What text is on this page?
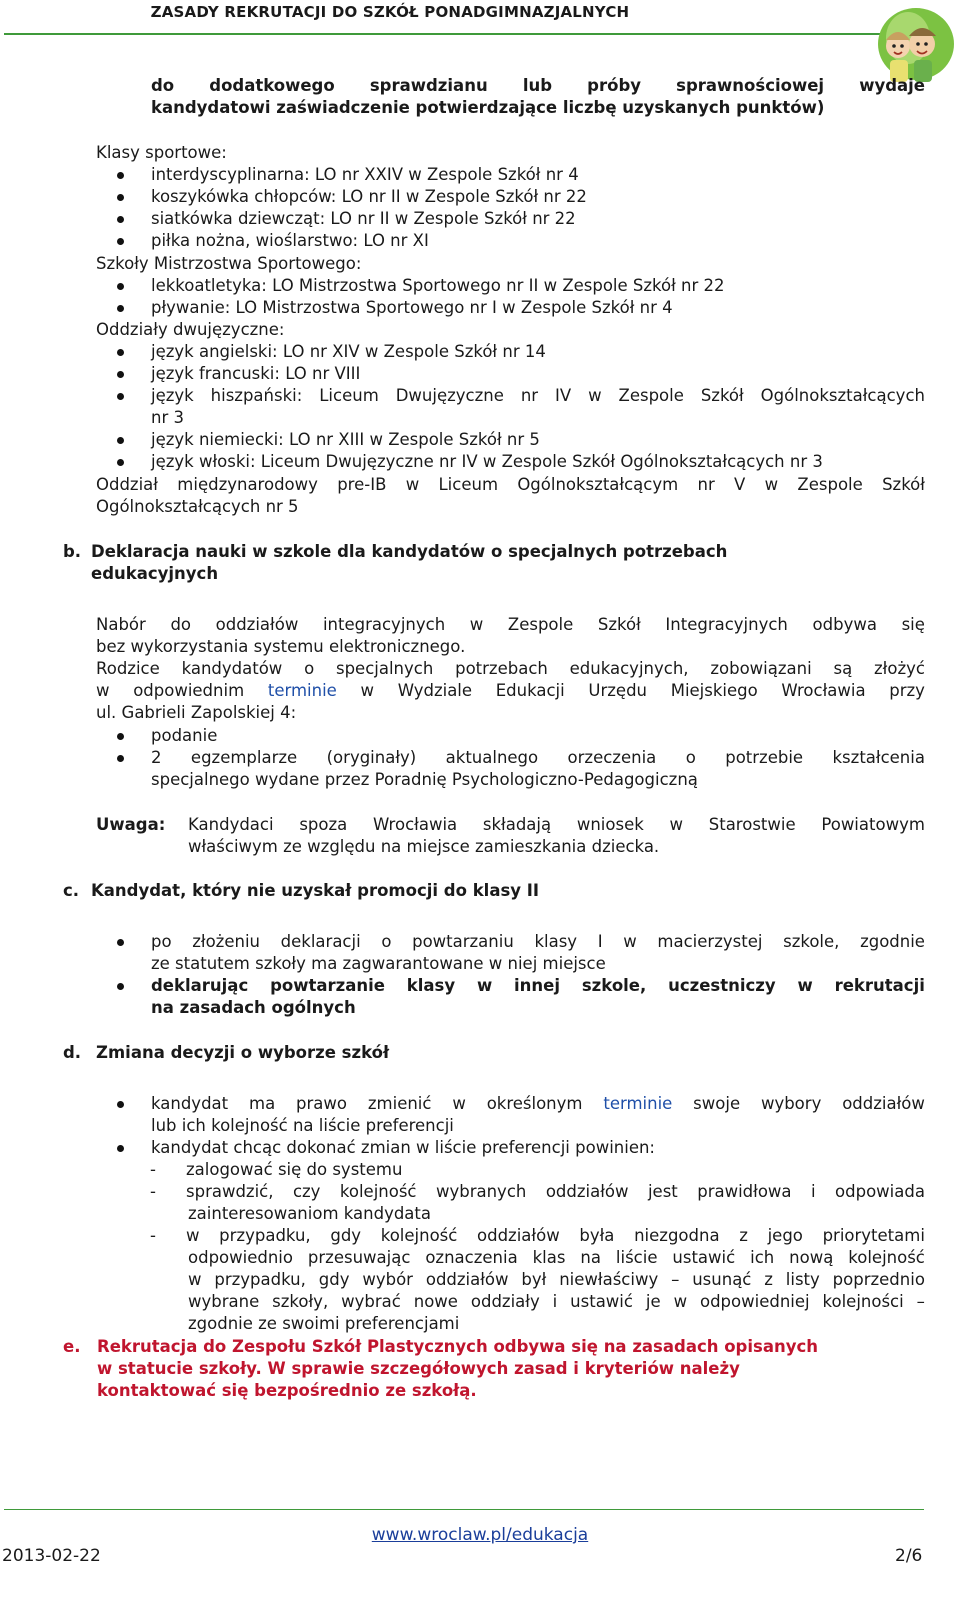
ZASADY REKRUTACJI DO SZKÓŁ PONADGIMNAZJALNYCH
do dodatkowego sprawdzianu lub próby sprawnościowej wydaje
kandydatowi zaświadczenie potwierdzające liczbę uzyskanych punktów)
Klasy sportowe:
interdyscyplinarna: LO nr XXIV w Zespole Szkół nr 4
koszykówka chłopców: LO nr II w Zespole Szkół nr 22
siatkówka dziewcząt: LO nr II w Zespole Szkół nr 22
piłka nożna, wioślarstwo: LO nr XI
Szkoły Mistrzostwa Sportowego:
lekkoatletyka: LO Mistrzostwa Sportowego nr II w Zespole Szkół nr 22
pływanie: LO Mistrzostwa Sportowego nr I w Zespole Szkół nr 4
Oddziały dwujęzyczne:
język angielski: LO nr XIV w Zespole Szkół nr 14
język francuski: LO nr VIII
język hiszpański: Liceum Dwujęzyczne nr IV w Zespole Szkół Ogólnokształcących
nr 3
język niemiecki: LO nr XIII w Zespole Szkół nr 5
język włoski: Liceum Dwujęzyczne nr IV w Zespole Szkół Ogólnokształcących nr 3
Oddział międzynarodowy pre-IB w Liceum Ogólnokształcącym nr V w Zespole Szkół
Ogólnokształcących nr 5
b. Deklaracja nauki w szkole dla kandydatów o specjalnych potrzebach
edukacyjnych
Nabór do oddziałów integracyjnych w Zespole Szkół Integracyjnych odbywa się
bez wykorzystania systemu elektronicznego.
Rodzice kandydatów o specjalnych potrzebach edukacyjnych, zobowiązani są złożyć
w odpowiednim terminie w Wydziale Edukacji Urzędu Miejskiego Wrocławia przy
ul. Gabrieli Zapolskiej 4:
podanie
2 egzemplarze (oryginały) aktualnego orzeczenia o potrzebie kształcenia
specjalnego wydane przez Poradnię Psychologiczno-Pedagogiczną
Uwaga: Kandydaci spoza Wrocławia składają wniosek w Starostwie Powiatowym
właściwym ze względu na miejsce zamieszkania dziecka.
c. Kandydat, który nie uzyskał promocji do klasy II
po złożeniu deklaracji o powtarzaniu klasy I w macierzystej szkole, zgodnie
ze statutem szkoły ma zagwarantowane w niej miejsce
deklarując powtarzanie klasy w innej szkole, uczestniczy w rekrutacji
na zasadach ogólnych
d. Zmiana decyzji o wyborze szkół
kandydat ma prawo zmienić w określonym terminie swoje wybory oddziałów
lub ich kolejność na liście preferencji
kandydat chcąc dokonać zmian w liście preferencji powinien:
- zalogować się do systemu
- sprawdzić, czy kolejność wybranych oddziałów jest prawidłowa i odpowiada
zainteresowaniom kandydata
- w przypadku, gdy kolejność oddziałów była niezgodna z jego priorytetami
odpowiednio przesuwając oznaczenia klas na liście ustawić ich nową kolejność
w przypadku, gdy wybór oddziałów był niewłaściwy – usunąć z listy poprzednio
wybrane szkoły, wybrać nowe oddziały i ustawić je w odpowiedniej kolejności –
zgodnie ze swoimi preferencjami
e. Rekrutacja do Zespołu Szkół Plastycznych odbywa się na zasadach opisanych
w statucie szkoły. W sprawie szczegółowych zasad i kryteriów należy
kontaktować się bezpośrednio ze szkołą.
www.wroclaw.pl/edukacja
2013-02-22	2/6
